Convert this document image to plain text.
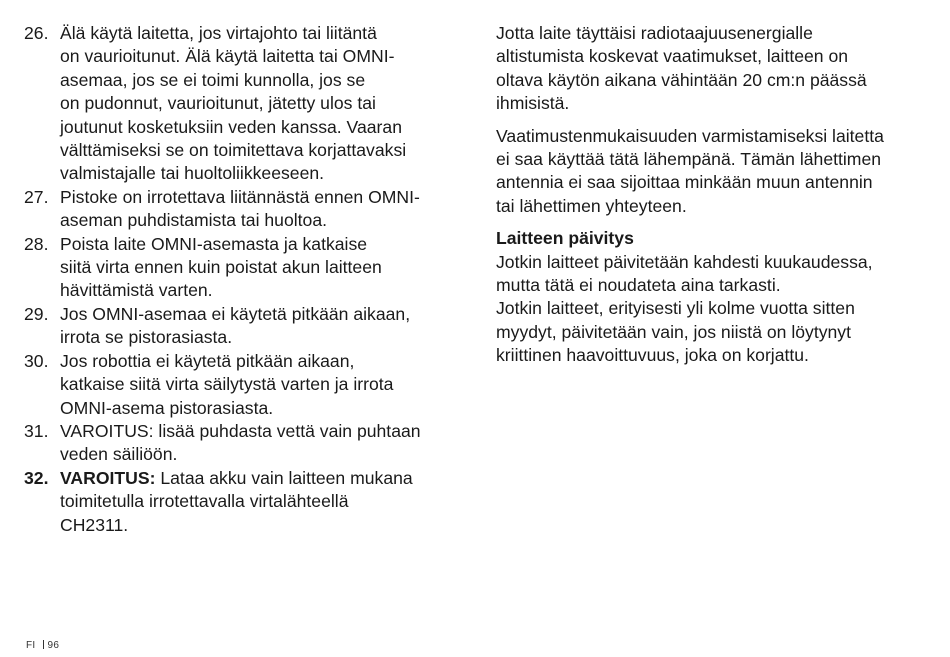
26. Älä käytä laitetta, jos virtajohto tai liitäntä
on vaurioitunut. Älä käytä laitetta tai OMNI-
asemaa, jos se ei toimi kunnolla, jos se
on pudonnut, vaurioitunut, jätetty ulos tai
joutunut kosketuksiin veden kanssa. Vaaran
välttämiseksi se on toimitettava korjattavaksi
valmistajalle tai huoltoliikkeeseen.
27. Pistoke on irrotettava liitännästä ennen OMNI-
aseman puhdistamista tai huoltoa.
28. Poista laite OMNI-asemasta ja katkaise
siitä virta ennen kuin poistat akun laitteen
hävittämistä varten.
29. Jos OMNI-asemaa ei käytetä pitkään aikaan,
irrota se pistorasiasta.
30. Jos robottia ei käytetä pitkään aikaan,
katkaise siitä virta säilytystä varten ja irrota
OMNI-asema pistorasiasta.
31. VAROITUS: lisää puhdasta vettä vain puhtaan
veden säiliöön.
32. VAROITUS: Lataa akku vain laitteen mukana
toimitetulla irrotettavalla virtalähteellä
CH2311.
Jotta laite täyttäisi radiotaajuusenergialle
altistumista koskevat vaatimukset, laitteen on
oltava käytön aikana vähintään 20 cm:n päässä
ihmisistä.
Vaatimustenmukaisuuden varmistamiseksi laitetta
ei saa käyttää tätä lähempänä. Tämän lähettimen
antennia ei saa sijoittaa minkään muun antennin
tai lähettimen yhteyteen.
Laitteen päivitys
Jotkin laitteet päivitetään kahdesti kuukaudessa,
mutta tätä ei noudateta aina tarkasti.
Jotkin laitteet, erityisesti yli kolme vuotta sitten
myydyt, päivitetään vain, jos niistä on löytynyt
kriittinen haavoittuvuus, joka on korjattu.
FI 96
